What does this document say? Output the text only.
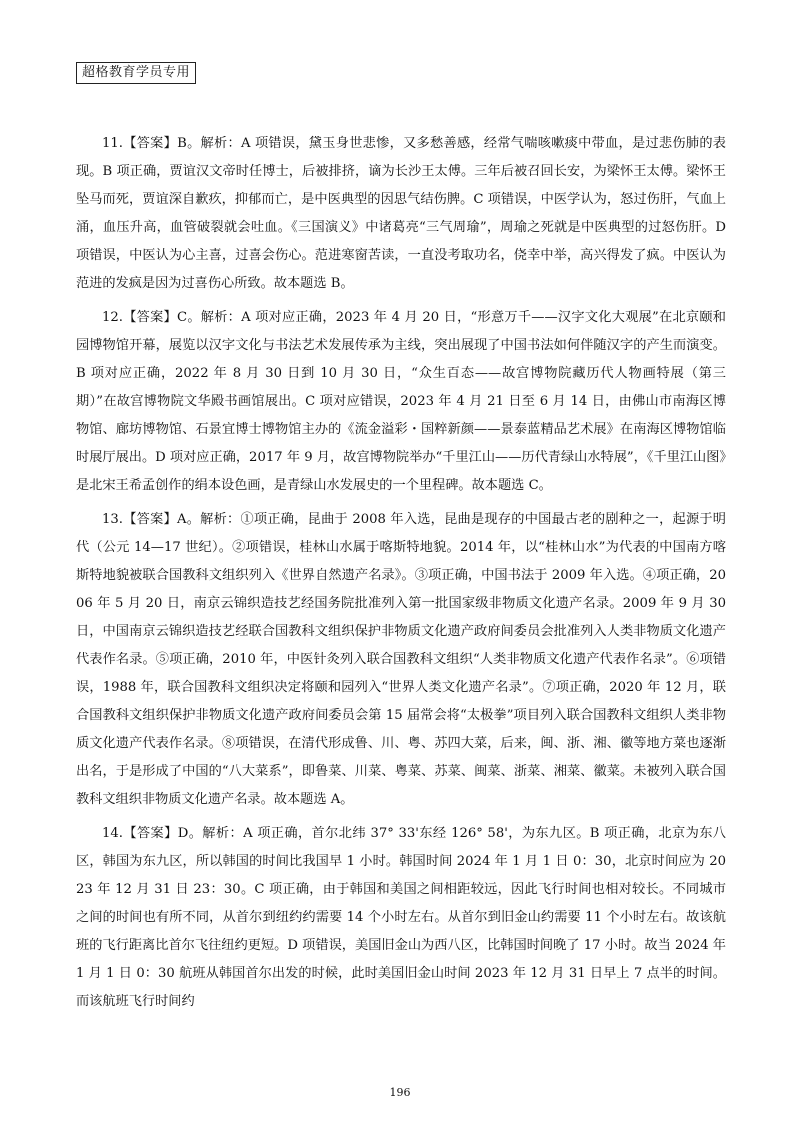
超格教育学员专用

11.【答案】B。解析：A 项错误，黛玉身世悲惨，又多愁善感，经常气喘咳嗽痰中带血，是过悲伤肺的表现。B 项正确，贾谊汉文帝时任博士，后被排挤，谪为长沙王太傅。三年后被召回长安，为梁怀王太傅。梁怀王坠马而死，贾谊深自歉疚，抑郁而亡，是中医典型的因思气结伤脾。C 项错误，中医学认为，怒过伤肝，气血上涌，血压升高，血管破裂就会吐血。《三国演义》中诸葛亮“三气周瑜”，周瑜之死就是中医典型的过怒伤肝。D 项错误，中医认为心主喜，过喜会伤心。范进寒窗苦读，一直没考取功名，侥幸中举，高兴得发了疯。中医认为范进的发疯是因为过喜伤心所致。故本题选 B。

12.【答案】C。解析：A 项对应正确，2023 年 4 月 20 日，“形意万千——汉字文化大观展”在北京颐和园博物馆开幕，展览以汉字文化与书法艺术发展传承为主线，突出展现了中国书法如何伴随汉字的产生而演变。B 项对应正确，2022 年 8 月 30 日到 10 月 30 日，“众生百态——故宫博物院藏历代人物画特展（第三期）”在故宫博物院文华殿书画馆展出。C 项对应错误，2023 年 4 月 21 日至 6 月 14 日，由佛山市南海区博物馆、廊坊博物馆、石景宜博士博物馆主办的《流金溢彩・国粹新颜——景泰蓝精品艺术展》在南海区博物馆临时展厅展出。D 项对应正确，2017 年 9 月，故宫博物院举办“千里江山——历代青绿山水特展”，《千里江山图》是北宋王希孟创作的绢本设色画，是青绿山水发展史的一个里程碑。故本题选 C。

13.【答案】A。解析：①项正确，昆曲于 2008 年入选，昆曲是现存的中国最古老的剧种之一，起源于明代（公元 14—17 世纪）。②项错误，桂林山水属于喀斯特地貌。2014 年，以“桂林山水”为代表的中国南方喀斯特地貌被联合国教科文组织列入《世界自然遗产名录》。③项正确，中国书法于 2009 年入选。④项正确，2006 年 5 月 20 日，南京云锦织造技艺经国务院批准列入第一批国家级非物质文化遗产名录。2009 年 9 月 30 日，中国南京云锦织造技艺经联合国教科文组织保护非物质文化遗产政府间委员会批准列入人类非物质文化遗产代表作名录。⑤项正确，2010 年，中医针灸列入联合国教科文组织“人类非物质文化遗产代表作名录”。⑥项错误，1988 年，联合国教科文组织决定将颐和园列入“世界人类文化遗产名录”。⑦项正确，2020 年 12 月，联合国教科文组织保护非物质文化遗产政府间委员会第 15 届常会将“太极拳”项目列入联合国教科文组织人类非物质文化遗产代表作名录。⑧项错误，在清代形成鲁、川、粤、苏四大菜，后来，闽、浙、湘、徽等地方菜也逐渐出名，于是形成了中国的“八大菜系”，即鲁菜、川菜、粤菜、苏菜、闽菜、浙菜、湘菜、徽菜。未被列入联合国教科文组织非物质文化遗产名录。故本题选 A。

14.【答案】D。解析：A 项正确，首尔北纬 37° 33'东经 126° 58'，为东九区。B 项正确，北京为东八区，韩国为东九区，所以韩国的时间比我国早 1 小时。韩国时间 2024 年 1 月 1 日 0：30，北京时间应为 2023 年 12 月 31 日 23：30。C 项正确，由于韩国和美国之间相距较远，因此飞行时间也相对较长。不同城市之间的时间也有所不同，从首尔到纽约约需要 14 个小时左右。从首尔到旧金山约需要 11 个小时左右。故该航班的飞行距离比首尔飞往纽约更短。D 项错误，美国旧金山为西八区，比韩国时间晚了 17 小时。故当 2024 年 1 月 1 日 0：30 航班从韩国首尔出发的时候，此时美国旧金山时间 2023 年 12 月 31 日早上 7 点半的时间。而该航班飞行时间约

196
